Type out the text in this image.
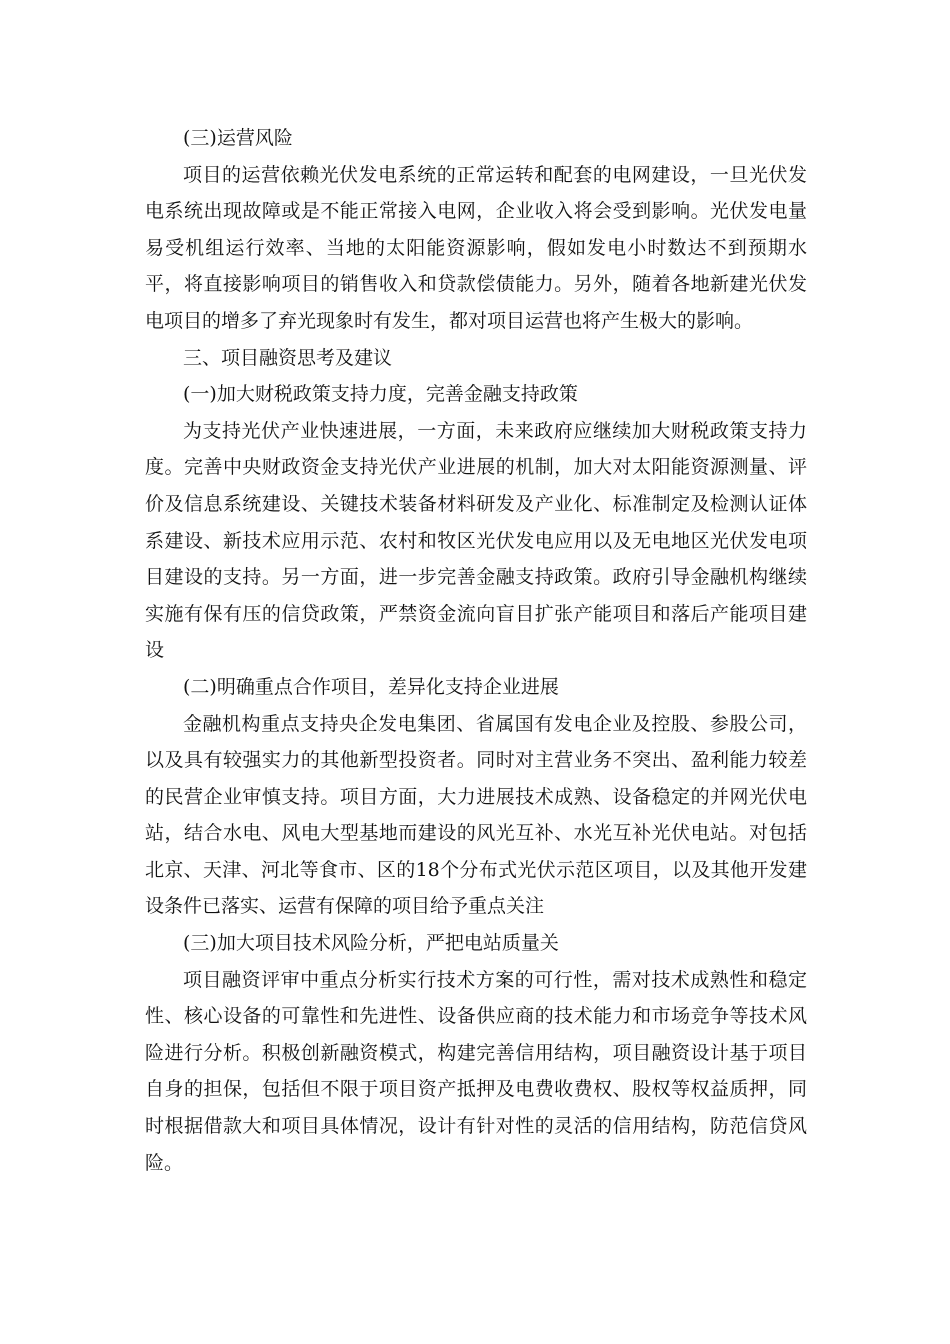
(三)运营风险

项目的运营依赖光伏发电系统的正常运转和配套的电网建设，一旦光伏发电系统出现故障或是不能正常接入电网，企业收入将会受到影响。光伏发电量易受机组运行效率、当地的太阳能资源影响，假如发电小时数达不到预期水平，将直接影响项目的销售收入和贷款偿债能力。另外，随着各地新建光伏发电项目的增多了弃光现象时有发生，都对项目运营也将产生极大的影响。

三、项目融资思考及建议

(一)加大财税政策支持力度，完善金融支持政策

为支持光伏产业快速进展，一方面，未来政府应继续加大财税政策支持力度。完善中央财政资金支持光伏产业进展的机制，加大对太阳能资源测量、评价及信息系统建设、关键技术装备材料研发及产业化、标准制定及检测认证体系建设、新技术应用示范、农村和牧区光伏发电应用以及无电地区光伏发电项目建设的支持。另一方面，进一步完善金融支持政策。政府引导金融机构继续实施有保有压的信贷政策，严禁资金流向盲目扩张产能项目和落后产能项目建设

(二)明确重点合作项目，差异化支持企业进展

金融机构重点支持央企发电集团、省属国有发电企业及控股、参股公司，以及具有较强实力的其他新型投资者。同时对主营业务不突出、盈利能力较差的民营企业审慎支持。项目方面，大力进展技术成熟、设备稳定的并网光伏电站，结合水电、风电大型基地而建设的风光互补、水光互补光伏电站。对包括北京、天津、河北等食市、区的18个分布式光伏示范区项目，以及其他开发建设条件已落实、运营有保障的项目给予重点关注

(三)加大项目技术风险分析，严把电站质量关

项目融资评审中重点分析实行技术方案的可行性，需对技术成熟性和稳定性、核心设备的可靠性和先进性、设备供应商的技术能力和市场竞争等技术风险进行分析。积极创新融资模式，构建完善信用结构，项目融资设计基于项目自身的担保，包括但不限于项目资产抵押及电费收费权、股权等权益质押，同时根据借款大和项目具体情况，设计有针对性的灵活的信用结构，防范信贷风险。
